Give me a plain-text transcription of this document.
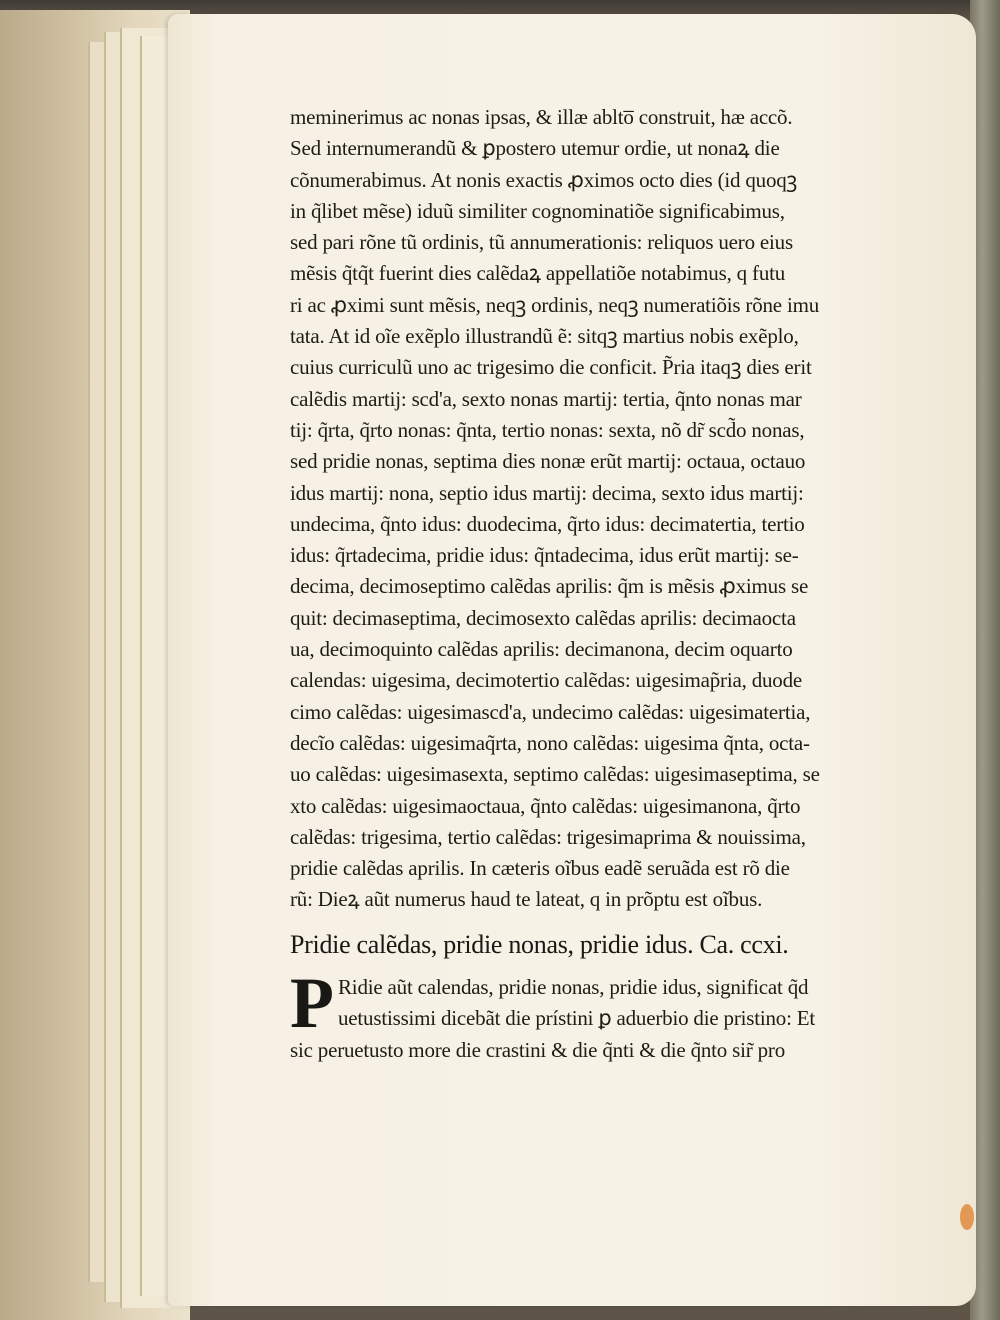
meminerimus ac nonas ipsas, & illæ ablto̅ construit, hæ accõ.
Sed internumerandũ & ꝑpostero utemur ordie, ut nonaꝝ die
cõnumerabimus. At nonis exactis ꝓximos octo dies (id quoqꝫ
in q̃libet mẽse) iduũ similiter cognominatiõe significabimus,
sed pari rõne tũ ordinis, tũ annumerationis: reliquos uero eius
mẽsis q̃tq̃t fuerint dies calẽdaꝝ appellatiõe notabimus, q futu
ri ac ꝓximi sunt mẽsis, neqꝫ ordinis, neqꝫ numeratiõis rõne imu
tata. At id oĩe exẽplo illustrandũ ẽ: sitqꝫ martius nobis exẽplo,
cuius curriculũ uno ac trigesimo die conficit. P̃ria itaqꝫ dies erit
calẽdis martij: scd'a, sexto nonas martij: tertia, q̃nto nonas mar
tij: q̃rta, q̃rto nonas: q̃nta, tertio nonas: sexta, nõ dr̃ scd̃o nonas,
sed pridie nonas, septima dies nonæ erũt martij: octaua, octauo
idus martij: nona, septio idus martij: decima, sexto idus martij:
undecima, q̃nto idus: duodecima, q̃rto idus: decimatertia, tertio
idus: q̃rtadecima, pridie idus: q̃ntadecima, idus erũt martij: se-
decima, decimoseptimo calẽdas aprilis: q̃m is mẽsis ꝓximus se
quit: decimaseptima, decimosexto calẽdas aprilis: decimaocta
ua, decimoquinto calẽdas aprilis: decimanona, decim oquarto
calendas: uigesima, decimotertio calẽdas: uigesimap̃ria, duode
cimo calẽdas: uigesimascd'a, undecimo calẽdas: uigesimatertia,
decĩo calẽdas: uigesimaq̃rta, nono calẽdas: uigesima q̃nta, octa-
uo calẽdas: uigesimasexta, septimo calẽdas: uigesimaseptima, se
xto calẽdas: uigesimaoctaua, q̃nto calẽdas: uigesimanona, q̃rto
calẽdas: trigesima, tertio calẽdas: trigesimaprima & nouissima,
pridie calẽdas aprilis. In cæteris oĩbus eadẽ seruãda est rõ die
rũ: Dieꝝ aũt numerus haud te lateat, q in prõptu est oĩbus.
Pridie calẽdas, pridie nonas, pridie idus. Ca. ccxi.
P Ridie aũt calendas, pridie nonas, pridie idus, significat q̃d
uetustissimi dicebãt die prístini ꝑ aduerbio die pristino: Et
sic peruetusto more die crastini & die q̃nti & die q̃nto sir̃ pro
